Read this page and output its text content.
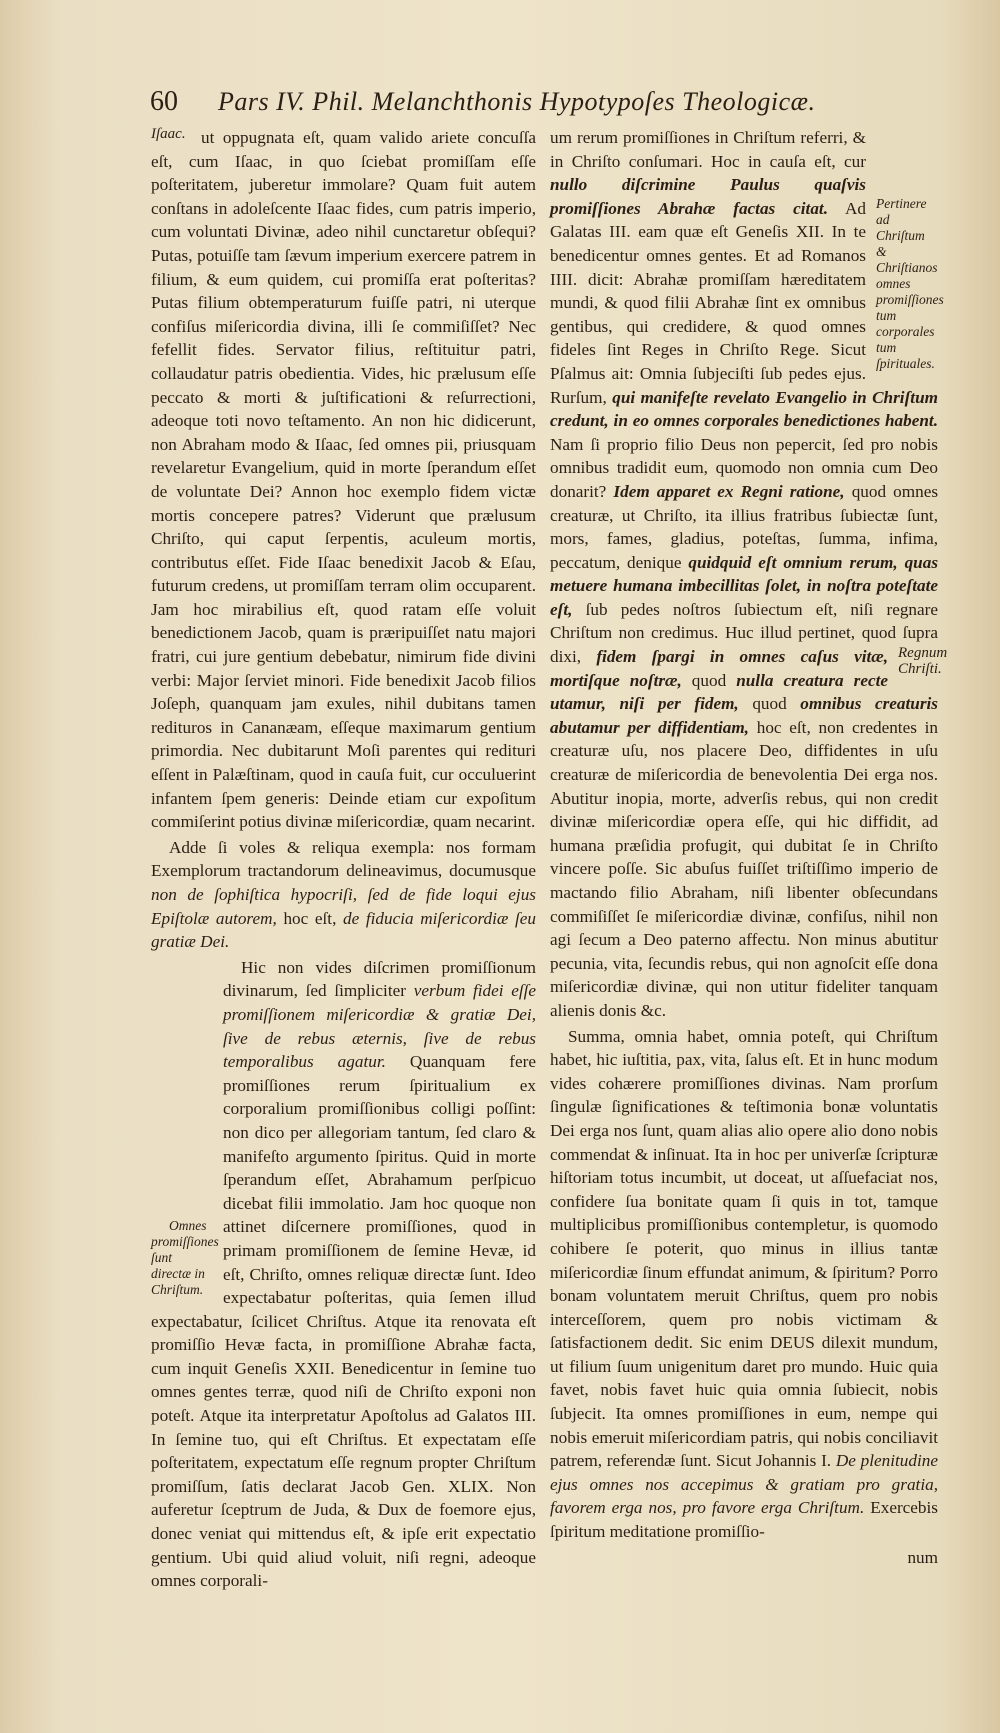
60 Pars IV. Phil. Melanchthonis Hypotypoſes Theologicæ.

Iſaac. ut oppugnata eſt, quam valido ariete concuſſa eſt, cum Iſaac, in quo ſciebat promiſſam eſſe poſteritatem, juberetur immolare? Quam fuit autem conſtans in adoleſcente Iſaac fides, cum patris imperio, cum voluntati Divinæ, adeo nihil cunctaretur obſequi? Putas, potuiſſe tam ſævum imperium exercere patrem in filium, & eum quidem, cui promiſſa erat poſteritas? Putas filium obtemperaturum fuiſſe patri, ni uterque confiſus miſericordia divina, illi ſe commiſiſſet? Nec fefellit fides. Servator filius, reſtituitur patri, collaudatur patris obedientia. Vides, hic prælusum eſſe peccato & morti & juſtificationi & reſurrectioni, adeoque toti novo teſtamento. An non hic didicerunt, non Abraham modo & Iſaac, ſed omnes pii, priusquam revelaretur Evangelium, quid in morte ſperandum eſſet de voluntate Dei? Annon hoc exemplo fidem victæ mortis concepere patres? Viderunt que prælusum Chriſto, qui caput ſerpentis, aculeum mortis, contributus eſſet. Fide Iſaac benedixit Jacob & Eſau, futurum credens, ut promiſſam terram olim occuparent. Jam hoc mirabilius eſt, quod ratam eſſe voluit benedictionem Jacob, quam is præripuiſſet natu majori fratri, cui jure gentium debebatur, nimirum fide divini verbi: Major ſerviet minori. Fide benedixit Jacob filios Joſeph, quanquam jam exules, nihil dubitans tamen redituros in Cananæam, eſſeque maximarum gentium primordia. Nec dubitarunt Moſi parentes qui rediturі eſſent in Palæſtinam, quod in cauſa fuit, cur occuluerint infantem ſpem generis: Deinde etiam cur expoſitum commiſerint potius divinæ miſericordiæ, quam necarint.

Adde ſi voles & reliqua exempla: nos formam Exemplorum tractandorum delineavimus, documusque non de ſophiſtica hypocriſi, ſed de fide loqui ejus Epiſtolæ autorem, hoc eſt, de fiducia miſericordiæ ſeu gratiæ Dei.

Omnes promiſſiones ſunt directæ in Chriſtum.
Hic non vides diſcrimen promiſſionum divinarum, ſed ſimpliciter verbum fidei eſſe promiſſionem miſericordiæ & gratiæ Dei, ſive de rebus æternis, ſive de rebus temporalibus agatur. Quanquam fere promiſſiones rerum ſpiritualium ex corporalium promiſſionibus colligi poſſint: non dico per allegoriam tantum, ſed claro & manifeſto argumento ſpiritus. Quid in morte ſperandum eſſet, Abrahamum perſpicuo dicebat filii immolatio. Jam hoc quoque non attinet diſcernere promiſſiones, quod in primam promiſſionem de ſemine Hevæ, id eſt, Chriſto, omnes reliquæ directæ ſunt. Ideo expectabatur poſteritas, quia ſemen illud expectabatur, ſcilicet Chriſtus. Atque ita renovata eſt promiſſio Hevæ facta, in promiſſione Abrahæ facta, cum inquit Geneſis XXII. Benedicentur in ſemine tuo omnes gentes terræ, quod niſi de Chriſto exponi non poteſt. Atque ita interpretatur Apoſtolus ad Galatos III. In ſemine tuo, qui eſt Chriſtus. Et expectatam eſſe poſteritatem, expectatum eſſe regnum propter Chriſtum promiſſum, ſatis declarat Jacob Gen. XLIX. Non auferetur ſceptrum de Juda, & Dux de foemore ejus, donec veniat qui mittendus eſt, & ipſe erit expectatio gentium. Ubi quid aliud voluit, niſi regni, adeoque omnes corporali-

Pertinere ad Chriſtum & Chriſtianos omnes promiſſiones tum corporales tum ſpirituales.
um rerum promiſſiones in Chriſtum referri, & in Chriſto conſumari. Hoc in cauſa eſt, cur nullo diſcrimine Paulus quaſvis promiſſiones Abrahæ factas citat. Ad Galatas III. eam quæ eſt Geneſis XII. In te benedicentur omnes gentes. Et ad Romanos IIII. dicit: Abrahæ promiſſam hæreditatem mundi, & quod filii Abrahæ ſint ex omnibus gentibus, qui crediderе, & quod omnes fideles ſint Reges in Chriſto Rege. Sicut Pſalmus ait: Omnia ſubjeciſti ſub pedes ejus. Rurſum, qui manifeſte revelato Evangelio in Chriſtum credunt, in eo omnes corporales benedictiones habent. Nam ſi proprio filio Deus non pepercit, ſed pro nobis omnibus tradidit eum, quomodo non omnia cum Deo donarit? Idem apparet ex Regni ratione, quod omnes creaturæ, ut Chriſto, ita illius fratribus ſubiectæ ſunt, mors, fames, gladius, poteſtas, ſumma, infima, peccatum, denique quidquid eſt omnium rerum, quas metuere humana imbecillitas ſolet, in noſtra poteſtate eſt, ſub pedes noſtros ſubiectum eſt, niſi regnare Chriſtum non credimus. Huc illud pertinet, quod ſupra dixi,	Regnum Chriſti.
fidem ſpargi in omnes caſus vitæ, mortiſque noſtræ, quod nulla creatura recte utamur, niſi per fidem, quod omnibus creaturis abutamur per diffidentiam, hoc eſt, non credentes in creaturæ uſu, nos placere Deo, diffidentes in uſu creaturæ de miſericordia de benevolentia Dei erga nos. Abutitur inopia, morte, adverſis rebus, qui non credit divinæ miſericordiæ opera eſſe, qui hic diffidit, ad humana præſidia profugit, qui dubitat ſe in Chriſto vincere poſſe. Sic abuſus fuiſſet triſtiſſimo imperio de mactando filio Abraham, niſi libenter obſecundans commiſiſſet ſe miſericordiæ divinæ, confiſus, nihil non agi ſecum a Deo paterno affectu. Non minus abutitur pecunia, vita, ſecundis rebus, qui non agnoſcit eſſe dona miſericordiæ divinæ, qui non utitur fideliter tanquam alienis donis &c.

Summa, omnia habet, omnia poteſt, qui Chriſtum habet, hic iuſtitia, pax, vita, ſalus eſt. Et in hunc modum vides cohærere promiſſiones divinas. Nam prorſum ſingulæ ſignificationes & teſtimonia bonæ voluntatis Dei erga nos ſunt, quam alias alio opere alio dono nobis commendat & inſinuat. Ita in hoc per univerſæ ſcripturæ hiſtoriam totus incumbit, ut doceat, ut aſſuefaciat nos, confidere ſua bonitate quam ſi quis in tot, tamque multiplicibus promiſſionibus contempletur, is quomodo cohibere ſe poterit, quo minus in illius tantæ miſericordiæ ſinum effundat animum, & ſpiritum? Porro bonam voluntatem meruit Chriſtus, quem pro nobis interceſſorem, quem pro nobis victimam & ſatisfactionem dedit. Sic enim DEUS dilexit mundum, ut filium ſuum unigenitum daret pro mundo. Huic quia favet, nobis favet huic quia omnia ſubiecit, nobis ſubjecit. Ita omnes promiſſiones in eum, nempe qui nobis emeruit miſericordiam patris, qui nobis conciliavit patrem, referendæ ſunt. Sicut Johannis I. De plenitudine ejus omnes nos accepimus & gratiam pro gratia, favorem erga nos, pro favore erga Chriſtum. Exercebis ſpiritum meditatione promiſſio-

num
